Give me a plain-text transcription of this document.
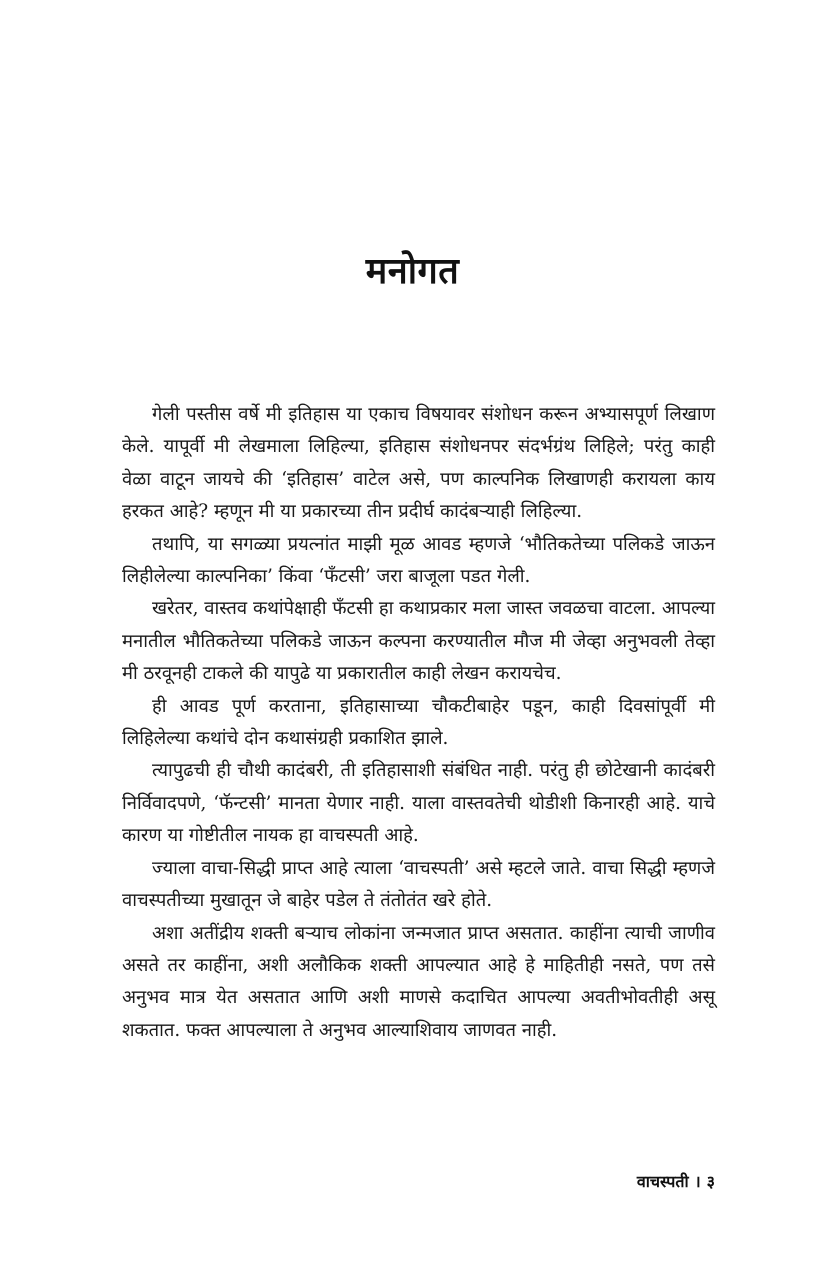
मनोगत

गेली पस्तीस वर्षे मी इतिहास या एकाच विषयावर संशोधन करून अभ्यासपूर्ण लिखाण केले. यापूर्वी मी लेखमाला लिहिल्या, इतिहास संशोधनपर संदर्भग्रंथ लिहिले; परंतु काही वेळा वाटून जायचे की ‘इतिहास’ वाटेल असे, पण काल्पनिक लिखाणही करायला काय हरकत आहे? म्हणून मी या प्रकारच्या तीन प्रदीर्घ कादंबऱ्याही लिहिल्या.

तथापि, या सगळ्या प्रयत्नांत माझी मूळ आवड म्हणजे ‘भौतिकतेच्या पलिकडे जाऊन लिहीलेल्या काल्पनिका’ किंवा ‘फँटसी’ जरा बाजूला पडत गेली.

खरेतर, वास्तव कथांपेक्षाही फँटसी हा कथाप्रकार मला जास्त जवळचा वाटला. आपल्या मनातील भौतिकतेच्या पलिकडे जाऊन कल्पना करण्यातील मौज मी जेव्हा अनुभवली तेव्हा मी ठरवूनही टाकले की यापुढे या प्रकारातील काही लेखन करायचेच.

ही आवड पूर्ण करताना, इतिहासाच्या चौकटीबाहेर पडून, काही दिवसांपूर्वी मी लिहिलेल्या कथांचे दोन कथासंग्रही प्रकाशित झाले.

त्यापुढची ही चौथी कादंबरी, ती इतिहासाशी संबंधित नाही. परंतु ही छोटेखानी कादंबरी निर्विवादपणे, ‘फॅन्टसी’ मानता येणार नाही. याला वास्तवतेची थोडीशी किनारही आहे. याचे कारण या गोष्टीतील नायक हा वाचस्पती आहे.

ज्याला वाचा-सिद्धी प्राप्त आहे त्याला ‘वाचस्पती’ असे म्हटले जाते. वाचा सिद्धी म्हणजे वाचस्पतीच्या मुखातून जे बाहेर पडेल ते तंतोतंत खरे होते.

अशा अतींद्रीय शक्ती बऱ्याच लोकांना जन्मजात प्राप्त असतात. काहींना त्याची जाणीव असते तर काहींना, अशी अलौकिक शक्ती आपल्यात आहे हे माहितीही नसते, पण तसे अनुभव मात्र येत असतात आणि अशी माणसे कदाचित आपल्या अवतीभोवतीही असू शकतात. फक्त आपल्याला ते अनुभव आल्याशिवाय जाणवत नाही.

वाचस्पती । ३
